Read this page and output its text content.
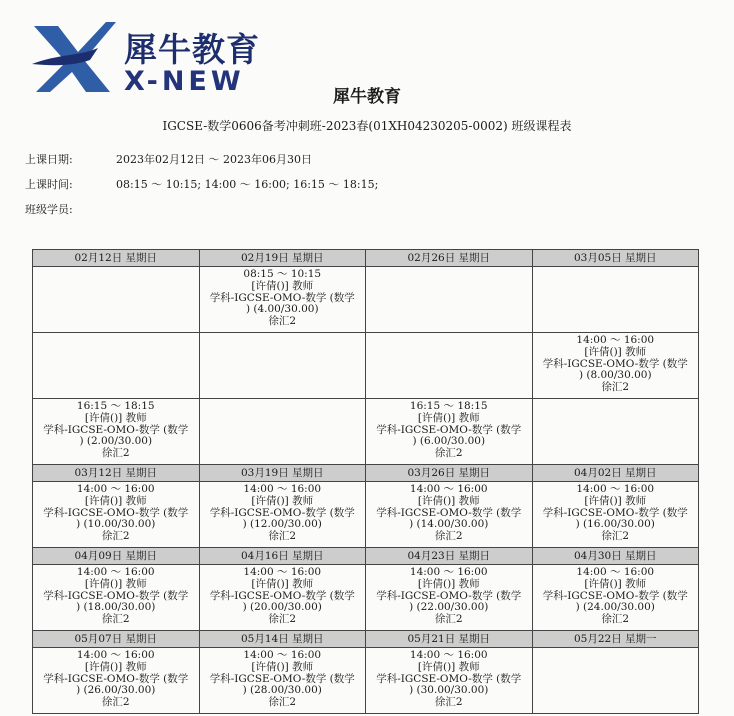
犀牛教育
X-NEW	犀牛教育
IGCSE-数学0606备考冲刺班-2023春(01XH04230205-0002) 班级课程表
上课日期:	2023年02月12日 ～ 2023年06月30日
上课时间:	08:15 ～ 10:15; 14:00 ～ 16:00; 16:15 ～ 18:15;
班级学员:
02月12日 星期日	02月19日 星期日	02月26日 星期日	03月05日 星期日

	08:15 ～ 10:15
[许倩()] 教师
学科-IGCSE-OMO-数学 (数学
) (4.00/30.00)
徐汇2		

			14:00 ～ 16:00
[许倩()] 教师
学科-IGCSE-OMO-数学 (数学
) (8.00/30.00)
徐汇2

16:15 ～ 18:15
[许倩()] 教师
学科-IGCSE-OMO-数学 (数学
) (2.00/30.00)
徐汇2		16:15 ～ 18:15
[许倩()] 教师
学科-IGCSE-OMO-数学 (数学
) (6.00/30.00)
徐汇2	

03月12日 星期日	03月19日 星期日	03月26日 星期日	04月02日 星期日

14:00 ～ 16:00
[许倩()] 教师
学科-IGCSE-OMO-数学 (数学
) (10.00/30.00)
徐汇2	14:00 ～ 16:00
[许倩()] 教师
学科-IGCSE-OMO-数学 (数学
) (12.00/30.00)
徐汇2	14:00 ～ 16:00
[许倩()] 教师
学科-IGCSE-OMO-数学 (数学
) (14.00/30.00)
徐汇2	14:00 ～ 16:00
[许倩()] 教师
学科-IGCSE-OMO-数学 (数学
) (16.00/30.00)
徐汇2

04月09日 星期日	04月16日 星期日	04月23日 星期日	04月30日 星期日

14:00 ～ 16:00
[许倩()] 教师
学科-IGCSE-OMO-数学 (数学
) (18.00/30.00)
徐汇2	14:00 ～ 16:00
[许倩()] 教师
学科-IGCSE-OMO-数学 (数学
) (20.00/30.00)
徐汇2	14:00 ～ 16:00
[许倩()] 教师
学科-IGCSE-OMO-数学 (数学
) (22.00/30.00)
徐汇2	14:00 ～ 16:00
[许倩()] 教师
学科-IGCSE-OMO-数学 (数学
) (24.00/30.00)
徐汇2

05月07日 星期日	05月14日 星期日	05月21日 星期日	05月22日 星期一

14:00 ～ 16:00
[许倩()] 教师
学科-IGCSE-OMO-数学 (数学
) (26.00/30.00)
徐汇2	14:00 ～ 16:00
[许倩()] 教师
学科-IGCSE-OMO-数学 (数学
) (28.00/30.00)
徐汇2	14:00 ～ 16:00
[许倩()] 教师
学科-IGCSE-OMO-数学 (数学
) (30.00/30.00)
徐汇2	
